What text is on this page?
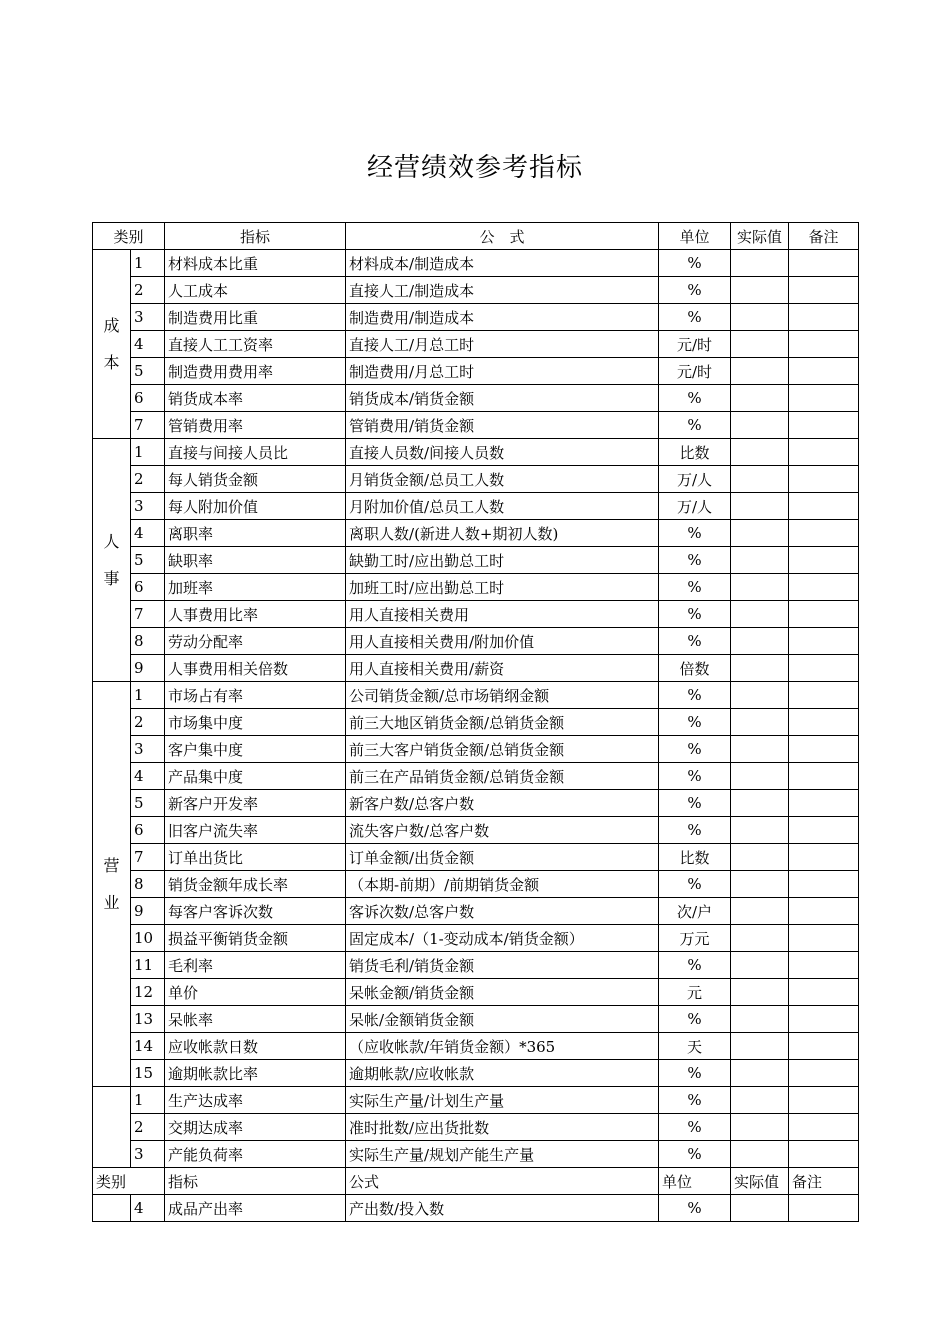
经营绩效参考指标
类别		指标	公　式	单位	实际值	备注

成
本	1	材料成本比重	材料成本/制造成本	%		
	2	人工成本	直接人工/制造成本	%		
	3	制造费用比重	制造费用/制造成本	%		
	4	直接人工工资率	直接人工/月总工时	元/时		
	5	制造费用费用率	制造费用/月总工时	元/时		
	6	销货成本率	销货成本/销货金额	%		
	7	管销费用率	管销费用/销货金额	%		

人
事	1	直接与间接人员比	直接人员数/间接人员数	比数		
	2	每人销货金额	月销货金额/总员工人数	万/人		
	3	每人附加价值	月附加价值/总员工人数	万/人		
	4	离职率	离职人数/(新进人数+期初人数)	%		
	5	缺职率	缺勤工时/应出勤总工时	%		
	6	加班率	加班工时/应出勤总工时	%		
	7	人事费用比率	用人直接相关费用	%		
	8	劳动分配率	用人直接相关费用/附加价值	%		
	9	人事费用相关倍数	用人直接相关费用/薪资	倍数		

营
业	1	市场占有率	公司销货金额/总市场销纲金额	%		
	2	市场集中度	前三大地区销货金额/总销货金额	%		
	3	客户集中度	前三大客户销货金额/总销货金额	%		
	4	产品集中度	前三在产品销货金额/总销货金额	%		
	5	新客户开发率	新客户数/总客户数	%		
	6	旧客户流失率	流失客户数/总客户数	%		
	7	订单出货比	订单金额/出货金额	比数		
	8	销货金额年成长率	（本期-前期）/前期销货金额	%		
	9	每客户客诉次数	客诉次数/总客户数	次/户		
	10	损益平衡销货金额	固定成本/（1-变动成本/销货金额）	万元		
	11	毛利率	销货毛利/销货金额	%		
	12	单价	呆帐金额/销货金额	元		
	13	呆帐率	呆帐/金额销货金额	%		
	14	应收帐款日数	（应收帐款/年销货金额）*365	天		
	15	逾期帐款比率	逾期帐款/应收帐款	%		
	1	生产达成率	实际生产量/计划生产量	%		
	2	交期达成率	准时批数/应出货批数	%		
	3	产能负荷率	实际生产量/规划产能生产量	%		
类别		指标	公式	单位	实际值	备注
	4	成品产出率	产出数/投入数	%		
